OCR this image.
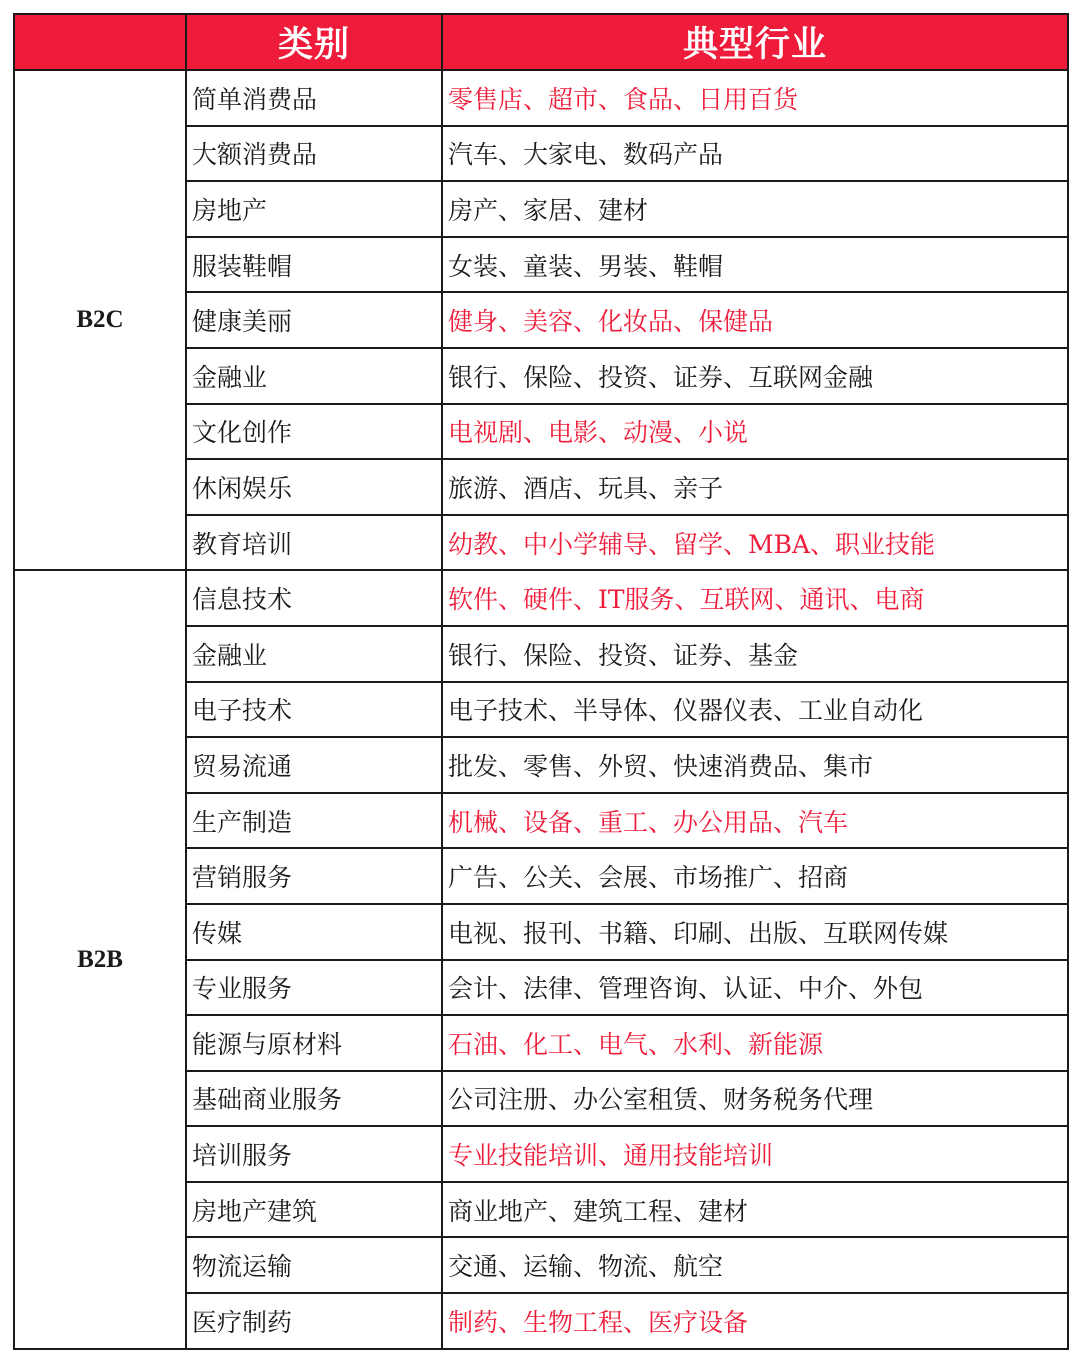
	类别	典型行业
B2C	简单消费品	零售店、超市、食品、日用百货
	大额消费品	汽车、大家电、数码产品
	房地产	房产、家居、建材
	服装鞋帽	女装、童装、男装、鞋帽
	健康美丽	健身、美容、化妆品、保健品
	金融业	银行、保险、投资、证券、互联网金融
	文化创作	电视剧、电影、动漫、小说
	休闲娱乐	旅游、酒店、玩具、亲子
	教育培训	幼教、中小学辅导、留学、MBA、职业技能
B2B	信息技术	软件、硬件、IT服务、互联网、通讯、电商
	金融业	银行、保险、投资、证券、基金
	电子技术	电子技术、半导体、仪器仪表、工业自动化
	贸易流通	批发、零售、外贸、快速消费品、集市
	生产制造	机械、设备、重工、办公用品、汽车
	营销服务	广告、公关、会展、市场推广、招商
	传媒	电视、报刊、书籍、印刷、出版、互联网传媒
	专业服务	会计、法律、管理咨询、认证、中介、外包
	能源与原材料	石油、化工、电气、水利、新能源
	基础商业服务	公司注册、办公室租赁、财务税务代理
	培训服务	专业技能培训、通用技能培训
	房地产建筑	商业地产、建筑工程、建材
	物流运输	交通、运输、物流、航空
	医疗制药	制药、生物工程、医疗设备
